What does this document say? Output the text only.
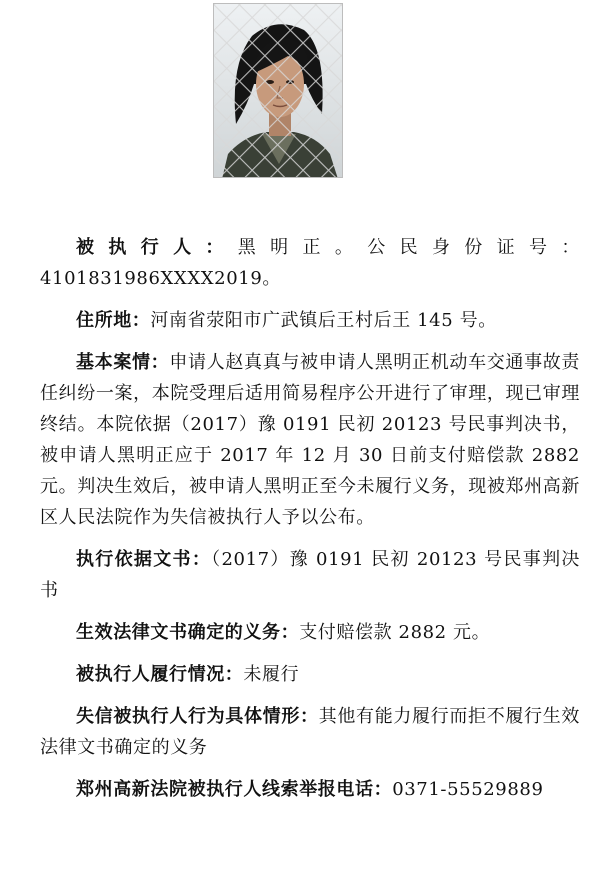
被执行人：黑明正。公民身份证号：4101831986XXXX2019。

住所地：河南省荥阳市广武镇后王村后王 145 号。

基本案情：申请人赵真真与被申请人黑明正机动车交通事故责任纠纷一案，本院受理后适用简易程序公开进行了审理，现已审理终结。本院依据（2017）豫 0191 民初 20123 号民事判决书，被申请人黑明正应于 2017 年 12 月 30 日前支付赔偿款 2882 元。判决生效后，被申请人黑明正至今未履行义务，现被郑州高新区人民法院作为失信被执行人予以公布。

执行依据文书：（2017）豫 0191 民初 20123 号民事判决书

生效法律文书确定的义务：支付赔偿款 2882 元。

被执行人履行情况：未履行

失信被执行人行为具体情形：其他有能力履行而拒不履行生效法律文书确定的义务

郑州高新法院被执行人线索举报电话：0371-55529889
